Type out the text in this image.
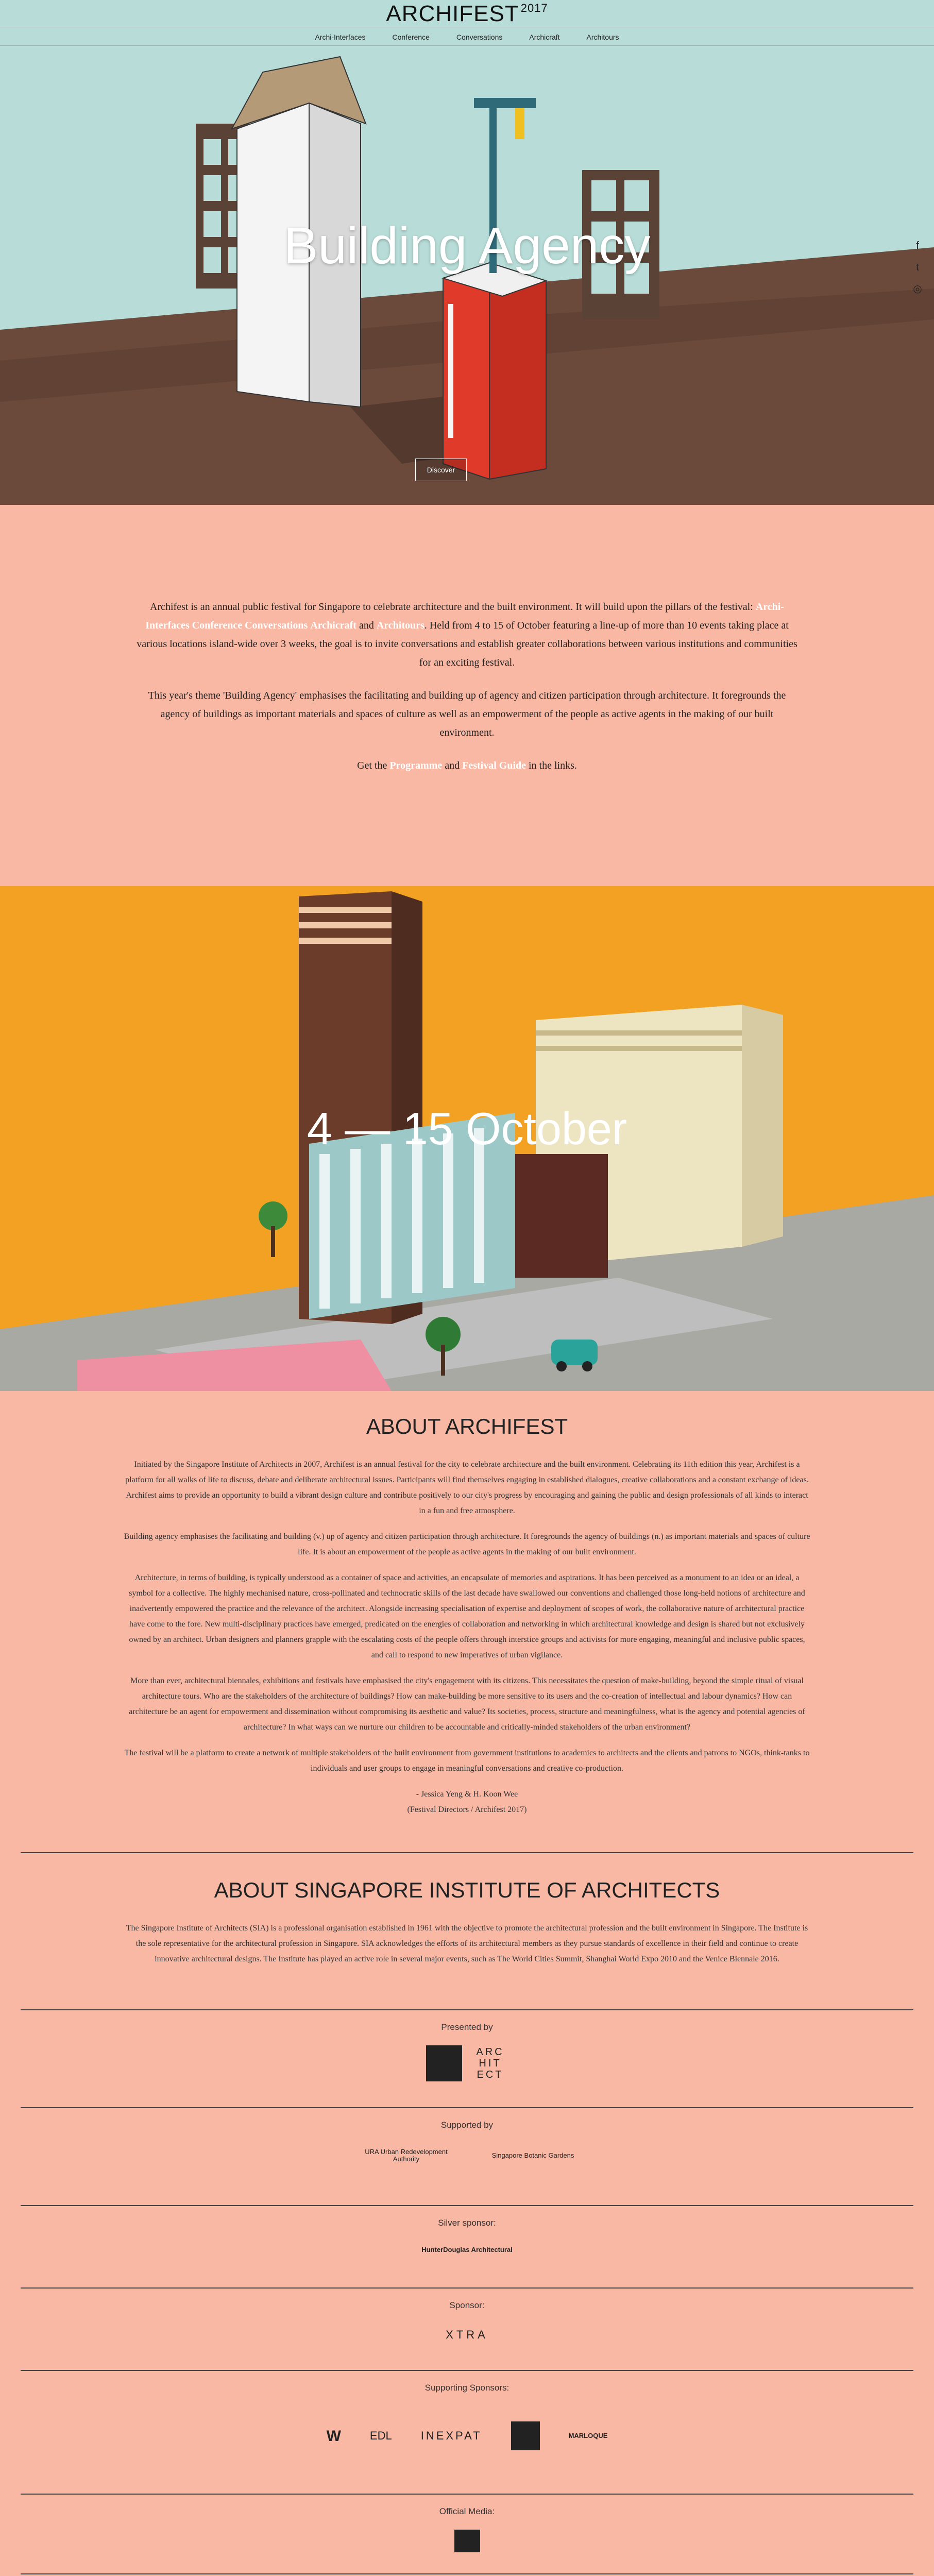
ARCHIFEST $^{2017}$
Archi-Interfaces	Conference	Conversations	Archicraft	Architours
Building Agency
Discover
f
t
◎

Archifest is an annual public festival for Singapore to celebrate architecture and the built environment. It will build upon the pillars of the festival: Archi-Interfaces Conference Conversations Archicraft and Architours. Held from 4 to 15 of October featuring a line-up of more than 10 events taking place at various locations island-wide over 3 weeks, the goal is to invite conversations and establish greater collaborations between various institutions and communities for an exciting festival.

This year's theme 'Building Agency' emphasises the facilitating and building up of agency and citizen participation through architecture. It foregrounds the agency of buildings as important materials and spaces of culture as well as an empowerment of the people as active agents in the making of our built environment.

Get the Programme and Festival Guide in the links.

4 — 15 October
ABOUT ARCHIFEST

Initiated by the Singapore Institute of Architects in 2007, Archifest is an annual festival for the city to celebrate architecture and the built environment. Celebrating its 11th edition this year, Archifest is a platform for all walks of life to discuss, debate and deliberate architectural issues. Participants will find themselves engaging in established dialogues, creative collaborations and a constant exchange of ideas. Archifest aims to provide an opportunity to build a vibrant design culture and contribute positively to our city's progress by encouraging and gaining the public and design professionals of all kinds to interact in a fun and free atmosphere.

Building agency emphasises the facilitating and building (v.) up of agency and citizen participation through architecture. It foregrounds the agency of buildings (n.) as important materials and spaces of culture life. It is about an empowerment of the people as active agents in the making of our built environment.

Architecture, in terms of building, is typically understood as a container of space and activities, an encapsulate of memories and aspirations. It has been perceived as a monument to an idea or an ideal, a symbol for a collective. The highly mechanised nature, cross-pollinated and technocratic skills of the last decade have swallowed our conventions and challenged those long-held notions of architecture and inadvertently empowered the practice and the relevance of the architect. Alongside increasing specialisation of expertise and deployment of scopes of work, the collaborative nature of architectural practice have come to the fore. New multi-disciplinary practices have emerged, predicated on the energies of collaboration and networking in which architectural knowledge and design is shared but not exclusively owned by an architect. Urban designers and planners grapple with the escalating costs of the people offers through interstice groups and activists for more engaging, meaningful and inclusive public spaces, and call to respond to new imperatives of urban vigilance.

More than ever, architectural biennales, exhibitions and festivals have emphasised the city's engagement with its citizens. This necessitates the question of make-building, beyond the simple ritual of visual architecture tours. Who are the stakeholders of the architecture of buildings? How can make-building be more sensitive to its users and the co-creation of intellectual and labour dynamics? How can architecture be an agent for empowerment and dissemination without compromising its aesthetic and value? Its societies, process, structure and meaningfulness, what is the agency and potential agencies of architecture? In what ways can we nurture our children to be accountable and critically-minded stakeholders of the urban environment?

The festival will be a platform to create a network of multiple stakeholders of the built environment from government institutions to academics to architects and the clients and patrons to NGOs, think-tanks to individuals and user groups to engage in meaningful conversations and creative co-production.

- Jessica Yeng & H. Koon Wee
(Festival Directors / Archifest 2017)
ABOUT SINGAPORE INSTITUTE OF ARCHITECTS

The Singapore Institute of Architects (SIA) is a professional organisation established in 1961 with the objective to promote the architectural profession and the built environment in Singapore. The Institute is the sole representative for the architectural profession in Singapore. SIA acknowledges the efforts of its architectural members as they pursue standards of excellence in their field and continue to create innovative architectural designs. The Institute has played an active role in several major events, such as The World Cities Summit, Shanghai World Expo 2010 and the Venice Biennale 2016.

Presented by
ARC HIT ECT
Supported by
URA Urban Redevelopment Authority	Singapore Botanic Gardens
Silver sponsor:
HunterDouglas Architectural
Sponsor:
XTRA
Supporting Sponsors:
W	EDL	INEXPAT	MARLOQUE
Official Media:
